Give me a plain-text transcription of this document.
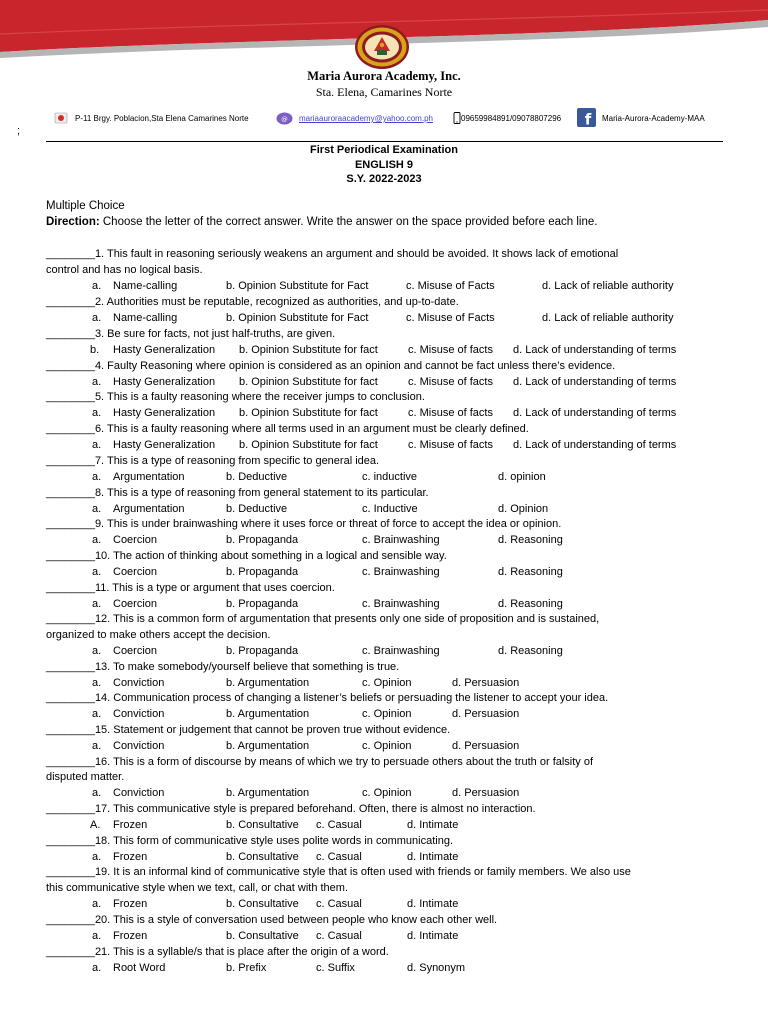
Maria Aurora Academy, Inc.
Sta. Elena, Camarines Norte
P-11 Brgy. Poblacion,Sta Elena Camarines Norte	@ mariaauroraacademy@yahoo.com.ph	09659984891/09078807296 f Maria-Aurora-Academy-MAA
;
First Periodical Examination
ENGLISH 9
S.Y. 2022-2023
Multiple Choice
Direction: Choose the letter of the correct answer. Write the answer on the space provided before each line.
________1. This fault in reasoning seriously weakens an argument and should be avoided. It shows lack of emotional
control and has no logical basis.
a. Name-calling	b. Opinion Substitute for Fact	c. Misuse of Facts	d. Lack of reliable authority
________2. Authorities must be reputable, recognized as authorities, and up-to-date.
a. Name-calling	b. Opinion Substitute for Fact	c. Misuse of Facts	d. Lack of reliable authority
________3. Be sure for facts, not just half-truths, are given.
b. Hasty Generalization b. Opinion Substitute for fact	c. Misuse of facts d. Lack of understanding of terms
________4. Faulty Reasoning where opinion is considered as an opinion and cannot be fact unless there’s evidence.
a. Hasty Generalization b. Opinion Substitute for fact	c. Misuse of facts d. Lack of understanding of terms
________5. This is a faulty reasoning where the receiver jumps to conclusion.
a. Hasty Generalization b. Opinion Substitute for fact	c. Misuse of facts d. Lack of understanding of terms
________6. This is a faulty reasoning where all terms used in an argument must be clearly defined.
a. Hasty Generalization b. Opinion Substitute for fact	c. Misuse of facts d. Lack of understanding of terms
________7. This is a type of reasoning from specific to general idea.
a. Argumentation	b. Deductive	c. inductive	d. opinion
________8. This is a type of reasoning from general statement to its particular.
a. Argumentation	b. Deductive	c. Inductive	d. Opinion
________9. This is under brainwashing where it uses force or threat of force to accept the idea or opinion.
a. Coercion	b. Propaganda	c. Brainwashing	d. Reasoning
________10. The action of thinking about something in a logical and sensible way.
a. Coercion	b. Propaganda	c. Brainwashing	d. Reasoning
________11. This is a type or argument that uses coercion.
a. Coercion	b. Propaganda	c. Brainwashing	d. Reasoning
________12. This is a common form of argumentation that presents only one side of proposition and is sustained,
organized to make others accept the decision.
a. Coercion	b. Propaganda	c. Brainwashing	d. Reasoning
________13. To make somebody/yourself believe that something is true.
a. Conviction	b. Argumentation	c. Opinion	d. Persuasion
________14. Communication process of changing a listener’s beliefs or persuading the listener to accept your idea.
a. Conviction	b. Argumentation	c. Opinion	d. Persuasion
________15. Statement or judgement that cannot be proven true without evidence.
a. Conviction	b. Argumentation	c. Opinion	d. Persuasion
________16. This is a form of discourse by means of which we try to persuade others about the truth or falsity of
disputed matter.
a. Conviction	b. Argumentation	c. Opinion	d. Persuasion
________17. This communicative style is prepared beforehand. Often, there is almost no interaction.
A. Frozen	b. Consultative c. Casual	d. Intimate
________18. This form of communicative style uses polite words in communicating.
a. Frozen	b. Consultative c. Casual	d. Intimate
________19. It is an informal kind of communicative style that is often used with friends or family members. We also use
this communicative style when we text, call, or chat with them.
a. Frozen	b. Consultative c. Casual	d. Intimate
________20. This is a style of conversation used between people who know each other well.
a. Frozen	b. Consultative c. Casual	d. Intimate
________21. This is a syllable/s that is place after the origin of a word.
a. Root Word	b. Prefix	c. Suffix	d. Synonym
